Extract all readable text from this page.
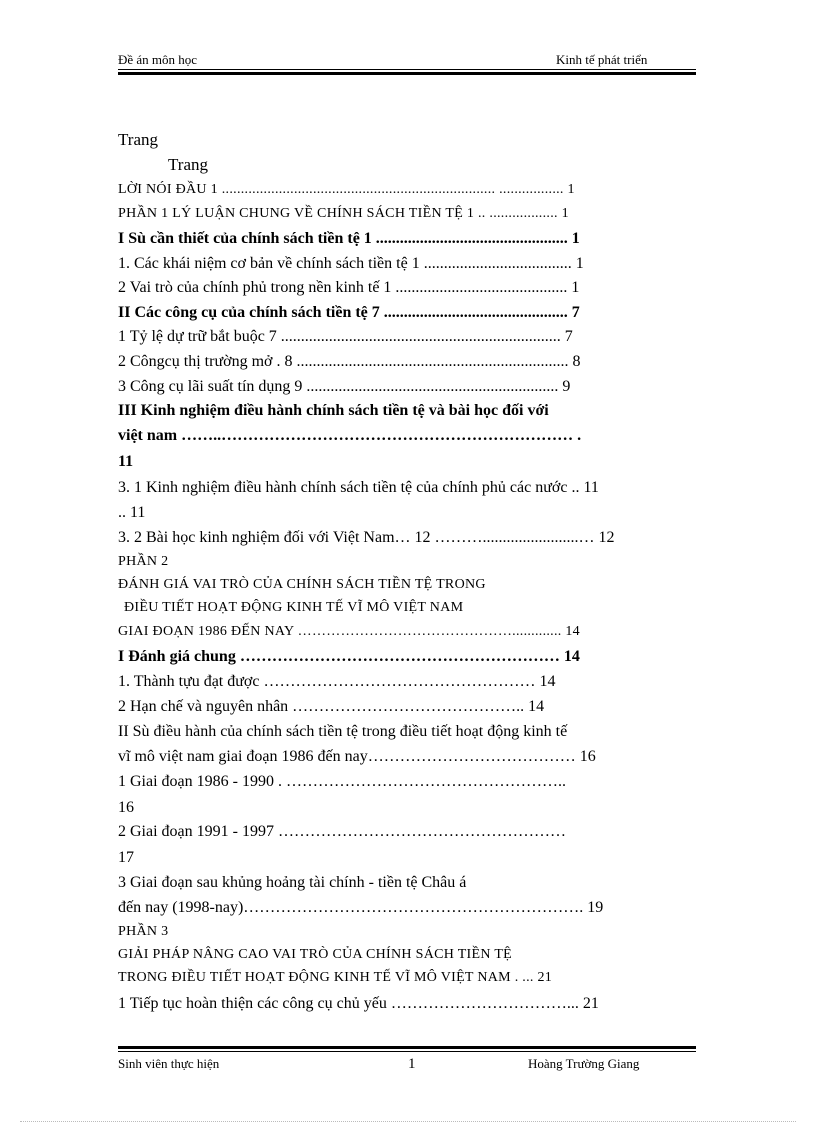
Đề án môn học	Kinh tế phát triển
Trang
Trang
LỜI NÓI ĐẦU 1 ........................................................................ ................. 1
PHẦN 1 LÝ LUẬN CHUNG VỀ CHÍNH SÁCH TIỀN TỆ 1 .. .................. 1
I Sù cần thiết của chính sách tiền tệ 1 ................................................ 1
1. Các khái niệm cơ bản về chính sách tiền tệ 1 ..................................... 1
2 Vai trò của chính phủ trong nền kinh tế 1 ........................................... 1
II Các công cụ của chính sách tiền tệ 7 .............................................. 7
1 Tỷ lệ dự trữ bắt buộc 7 ...................................................................... 7
2 Côngcụ thị trường mở . 8 .................................................................... 8
3 Công cụ lãi suất tín dụng 9 ............................................................... 9
III Kinh nghiệm điều hành chính sách tiền tệ và bài học đối với
việt nam ……..………………………………………………………… .
11
3. 1 Kinh nghiệm điều hành chính sách tiền tệ của chính phủ các nước .. 11
.. 11
3. 2 Bài học kinh nghiệm đối với Việt Nam… 12 ………........................… 12
PHẦN 2
ĐÁNH GIÁ VAI TRÒ CỦA CHÍNH SÁCH TIỀN TỆ TRONG
ĐIỀU TIẾT HOẠT ĐỘNG KINH TẾ VĨ MÔ VIỆT NAM
GIAI ĐOẠN 1986 ĐẾN NAY ………………………………………............. 14
I Đánh giá chung …………………………………………………… 14
1. Thành tựu đạt được …………………………………………… 14
2 Hạn chế và nguyên nhân …………………………………….. 14
II Sù điều hành của chính sách tiền tệ trong điều tiết hoạt động kinh tế
vĩ mô việt nam giai đoạn 1986 đến nay………………………………… 16
1 Giai đoạn 1986 - 1990 . ……………………………………………..
16
2 Giai đoạn 1991 - 1997 ………………………………………………
17
3 Giai đoạn sau khủng hoảng tài chính - tiền tệ Châu á
đến nay (1998-nay)………………………………………………………. 19
PHẦN 3
GIẢI PHÁP NÂNG CAO VAI TRÒ CỦA CHÍNH SÁCH TIỀN TỆ
TRONG ĐIỀU TIẾT HOẠT ĐỘNG KINH TẾ VĨ MÔ VIỆT NAM . ... 21
1 Tiếp tục hoàn thiện các công cụ chủ yếu ……………………………... 21
Sinh viên thực hiện	1	Hoàng Trường Giang
